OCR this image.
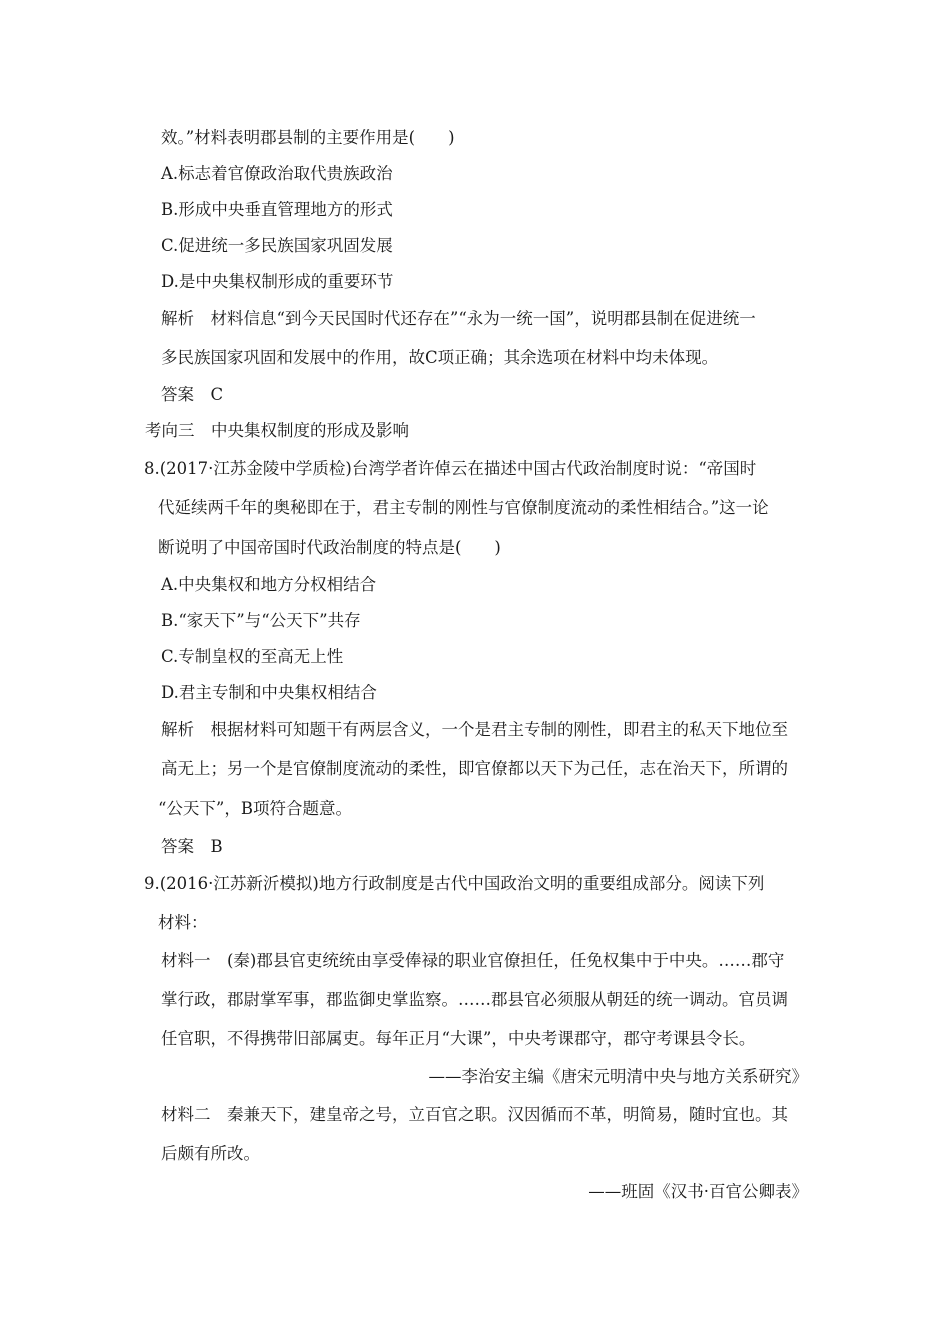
效。”材料表明郡县制的主要作用是(　　)
A.标志着官僚政治取代贵族政治
B.形成中央垂直管理地方的形式
C.促进统一多民族国家巩固发展
D.是中央集权制形成的重要环节
解析　材料信息“到今天民国时代还存在”“永为一统一国”，说明郡县制在促进统一
多民族国家巩固和发展中的作用，故C项正确；其余选项在材料中均未体现。
答案　C
考向三　中央集权制度的形成及影响
8.(2017·江苏金陵中学质检)台湾学者许倬云在描述中国古代政治制度时说：“帝国时
代延续两千年的奥秘即在于，君主专制的刚性与官僚制度流动的柔性相结合。”这一论
断说明了中国帝国时代政治制度的特点是(　　)
A.中央集权和地方分权相结合
B.“家天下”与“公天下”共存
C.专制皇权的至高无上性
D.君主专制和中央集权相结合
解析　根据材料可知题干有两层含义，一个是君主专制的刚性，即君主的私天下地位至
高无上；另一个是官僚制度流动的柔性，即官僚都以天下为己任，志在治天下，所谓的
“公天下”，B项符合题意。
答案　B
9.(2016·江苏新沂模拟)地方行政制度是古代中国政治文明的重要组成部分。阅读下列
材料：
材料一　(秦)郡县官吏统统由享受俸禄的职业官僚担任，任免权集中于中央。……郡守
掌行政，郡尉掌军事，郡监御史掌监察。……郡县官必须服从朝廷的统一调动。官员调
任官职，不得携带旧部属吏。每年正月“大课”，中央考课郡守，郡守考课县令长。
——李治安主编《唐宋元明清中央与地方关系研究》
材料二　秦兼天下，建皇帝之号，立百官之职。汉因循而不革，明简易，随时宜也。其
后颇有所改。
——班固《汉书·百官公卿表》
